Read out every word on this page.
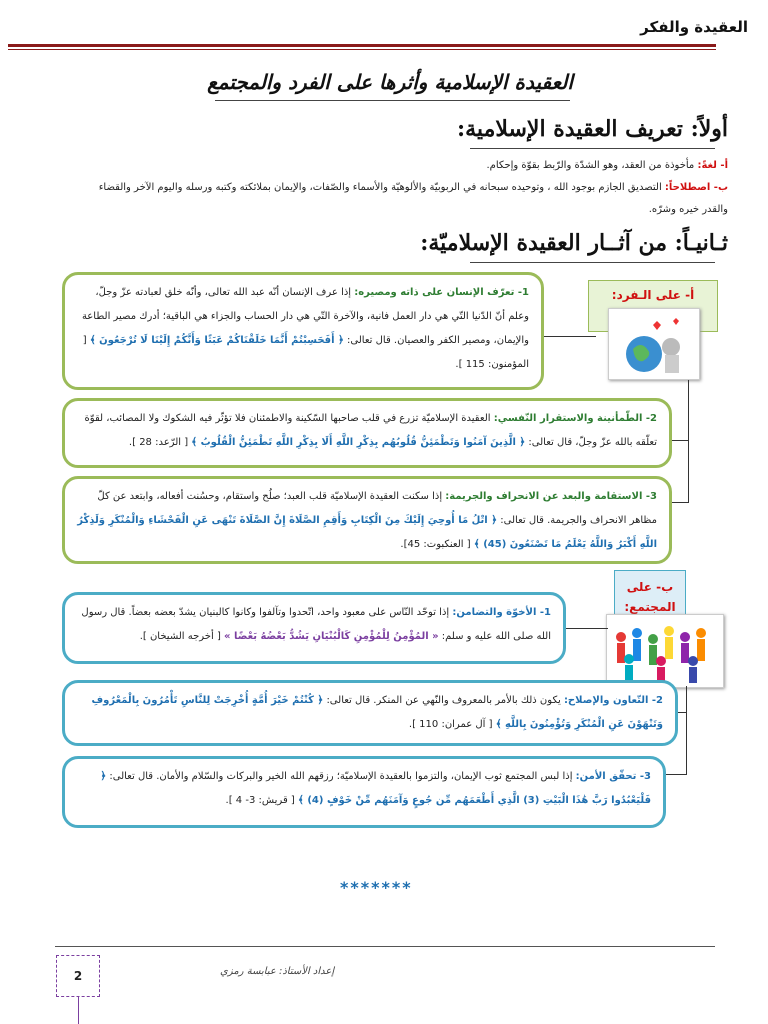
العقيدة والفكر
العقيدة الإسلامية وأثرها على الفرد والمجتمع
أولاً: تعريف العقيدة الإسلامية:
أ- لغةً: مأخوذة من العقد، وهو الشدّة والرّبط بقوّة وإحكام.
ب- اصطلاحاً: التصديق الجازم بوجود الله ، وتوحيده سبحانه في الربوبيّة والألوهيّة والأسماء والصّفات، والإيمان بملائكته وكتبه ورسله واليوم الآخر والقضاء
والقدر خيره وشرّه.
ثـانيـاً: من آثــار العقيدة الإسلاميّة:
أ- على الـفرد:
1- تعرّف الإنسان على ذاته ومصيره: إذا عرف الإنسان أنّه عبد الله تعالى، وأنّه خلق لعبادته عزّ وجلّ، وعلم أنّ الدّنيا التّي هي دار العمل فانية، والآخرة التّي هي دار الحساب والجزاء هي الباقية؛ أدرك مصير الطاعة والإيمان، ومصير الكفر والعصيان. قال تعالى: ﴿ أَفَحَسِبْتُمْ أَنَّمَا خَلَقْنَاكُمْ عَبَثًا وَأَنَّكُمْ إِلَيْنَا لَا تُرْجَعُونَ ﴾ [ المؤمنون: 115 ].
2- الطّمأنينة والاستقرار النّفسي: العقيدة الإسلاميّة تزرع في قلب صاحبها السّكينة والاطمئنان فلا تؤثّر فيه الشكوك ولا المصائب، لقوّة تعلّقه بالله عزّ وجلّ، قال تعالى: ﴿ الَّذِينَ آمَنُوا وَتَطْمَئِنُّ قُلُوبُهُم بِذِكْرِ اللَّهِ أَلَا بِذِكْرِ اللَّهِ تَطْمَئِنُّ الْقُلُوبُ ﴾ [ الرّعد: 28 ].
3- الاستقامة والبعد عن الانحراف والجريمة: إذا سكنت العقيدة الإسلاميّة قلب العبد؛ صلُح واستقام، وحسُنت أفعاله، وابتعد عن كلّ مظاهر الانحراف والجريمة. قال تعالى: ﴿ اتْلُ مَا أُوحِيَ إِلَيْكَ مِنَ الْكِتَابِ وَأَقِمِ الصَّلَاةَ إِنَّ الصَّلَاةَ تَنْهَى عَنِ الْفَحْشَاءِ وَالْمُنْكَرِ وَلَذِكْرُ اللَّهِ أَكْبَرُ وَاللَّهُ يَعْلَمُ مَا تَصْنَعُونَ (45) ﴾ [ العنكبوت: 45].
ب- على المجتمع:
1- الأخوّة والتضامن: إذا توحّد النّاس على معبود واحد، اتّحدوا وتآلفوا وكانوا كالبنيان يشدّ بعضه بعضاً. قال رسول الله صلى الله عليه و سلم: « المُؤْمِنُ لِلْمُؤْمِنِ كَالْبُنْيَانِ يَشُدُّ بَعْضُهُ بَعْضًا » [ أخرجه الشيخان ].
2- التّعاون والإصلاح: يكون ذلك بالأمر بالمعروف والنّهي عن المنكر. قال تعالى: ﴿ كُنْتُمْ خَيْرَ أُمَّةٍ أُخْرِجَتْ لِلنَّاسِ تَأْمُرُونَ بِالْمَعْرُوفِ وَتَنْهَوْنَ عَنِ الْمُنْكَرِ وَتُؤْمِنُونَ بِاللَّهِ ﴾ [ آل عمران: 110 ].
3- تحقّق الأمن: إذا لبس المجتمع ثوب الإيمان، والتزموا بالعقيدة الإسلاميّة؛ رزقهم الله الخير والبركات والسّلام والأمان. قال تعالى: ﴿ فَلْيَعْبُدُوا رَبَّ هَٰذَا الْبَيْتِ (3) الَّذِي أَطْعَمَهُم مِّن جُوعٍ وَآمَنَهُم مِّنْ خَوْفٍ (4) ﴾ [ قريش: 3- 4 ].
*******
إعداد الأستاذ: عبابسة رمزي
2
